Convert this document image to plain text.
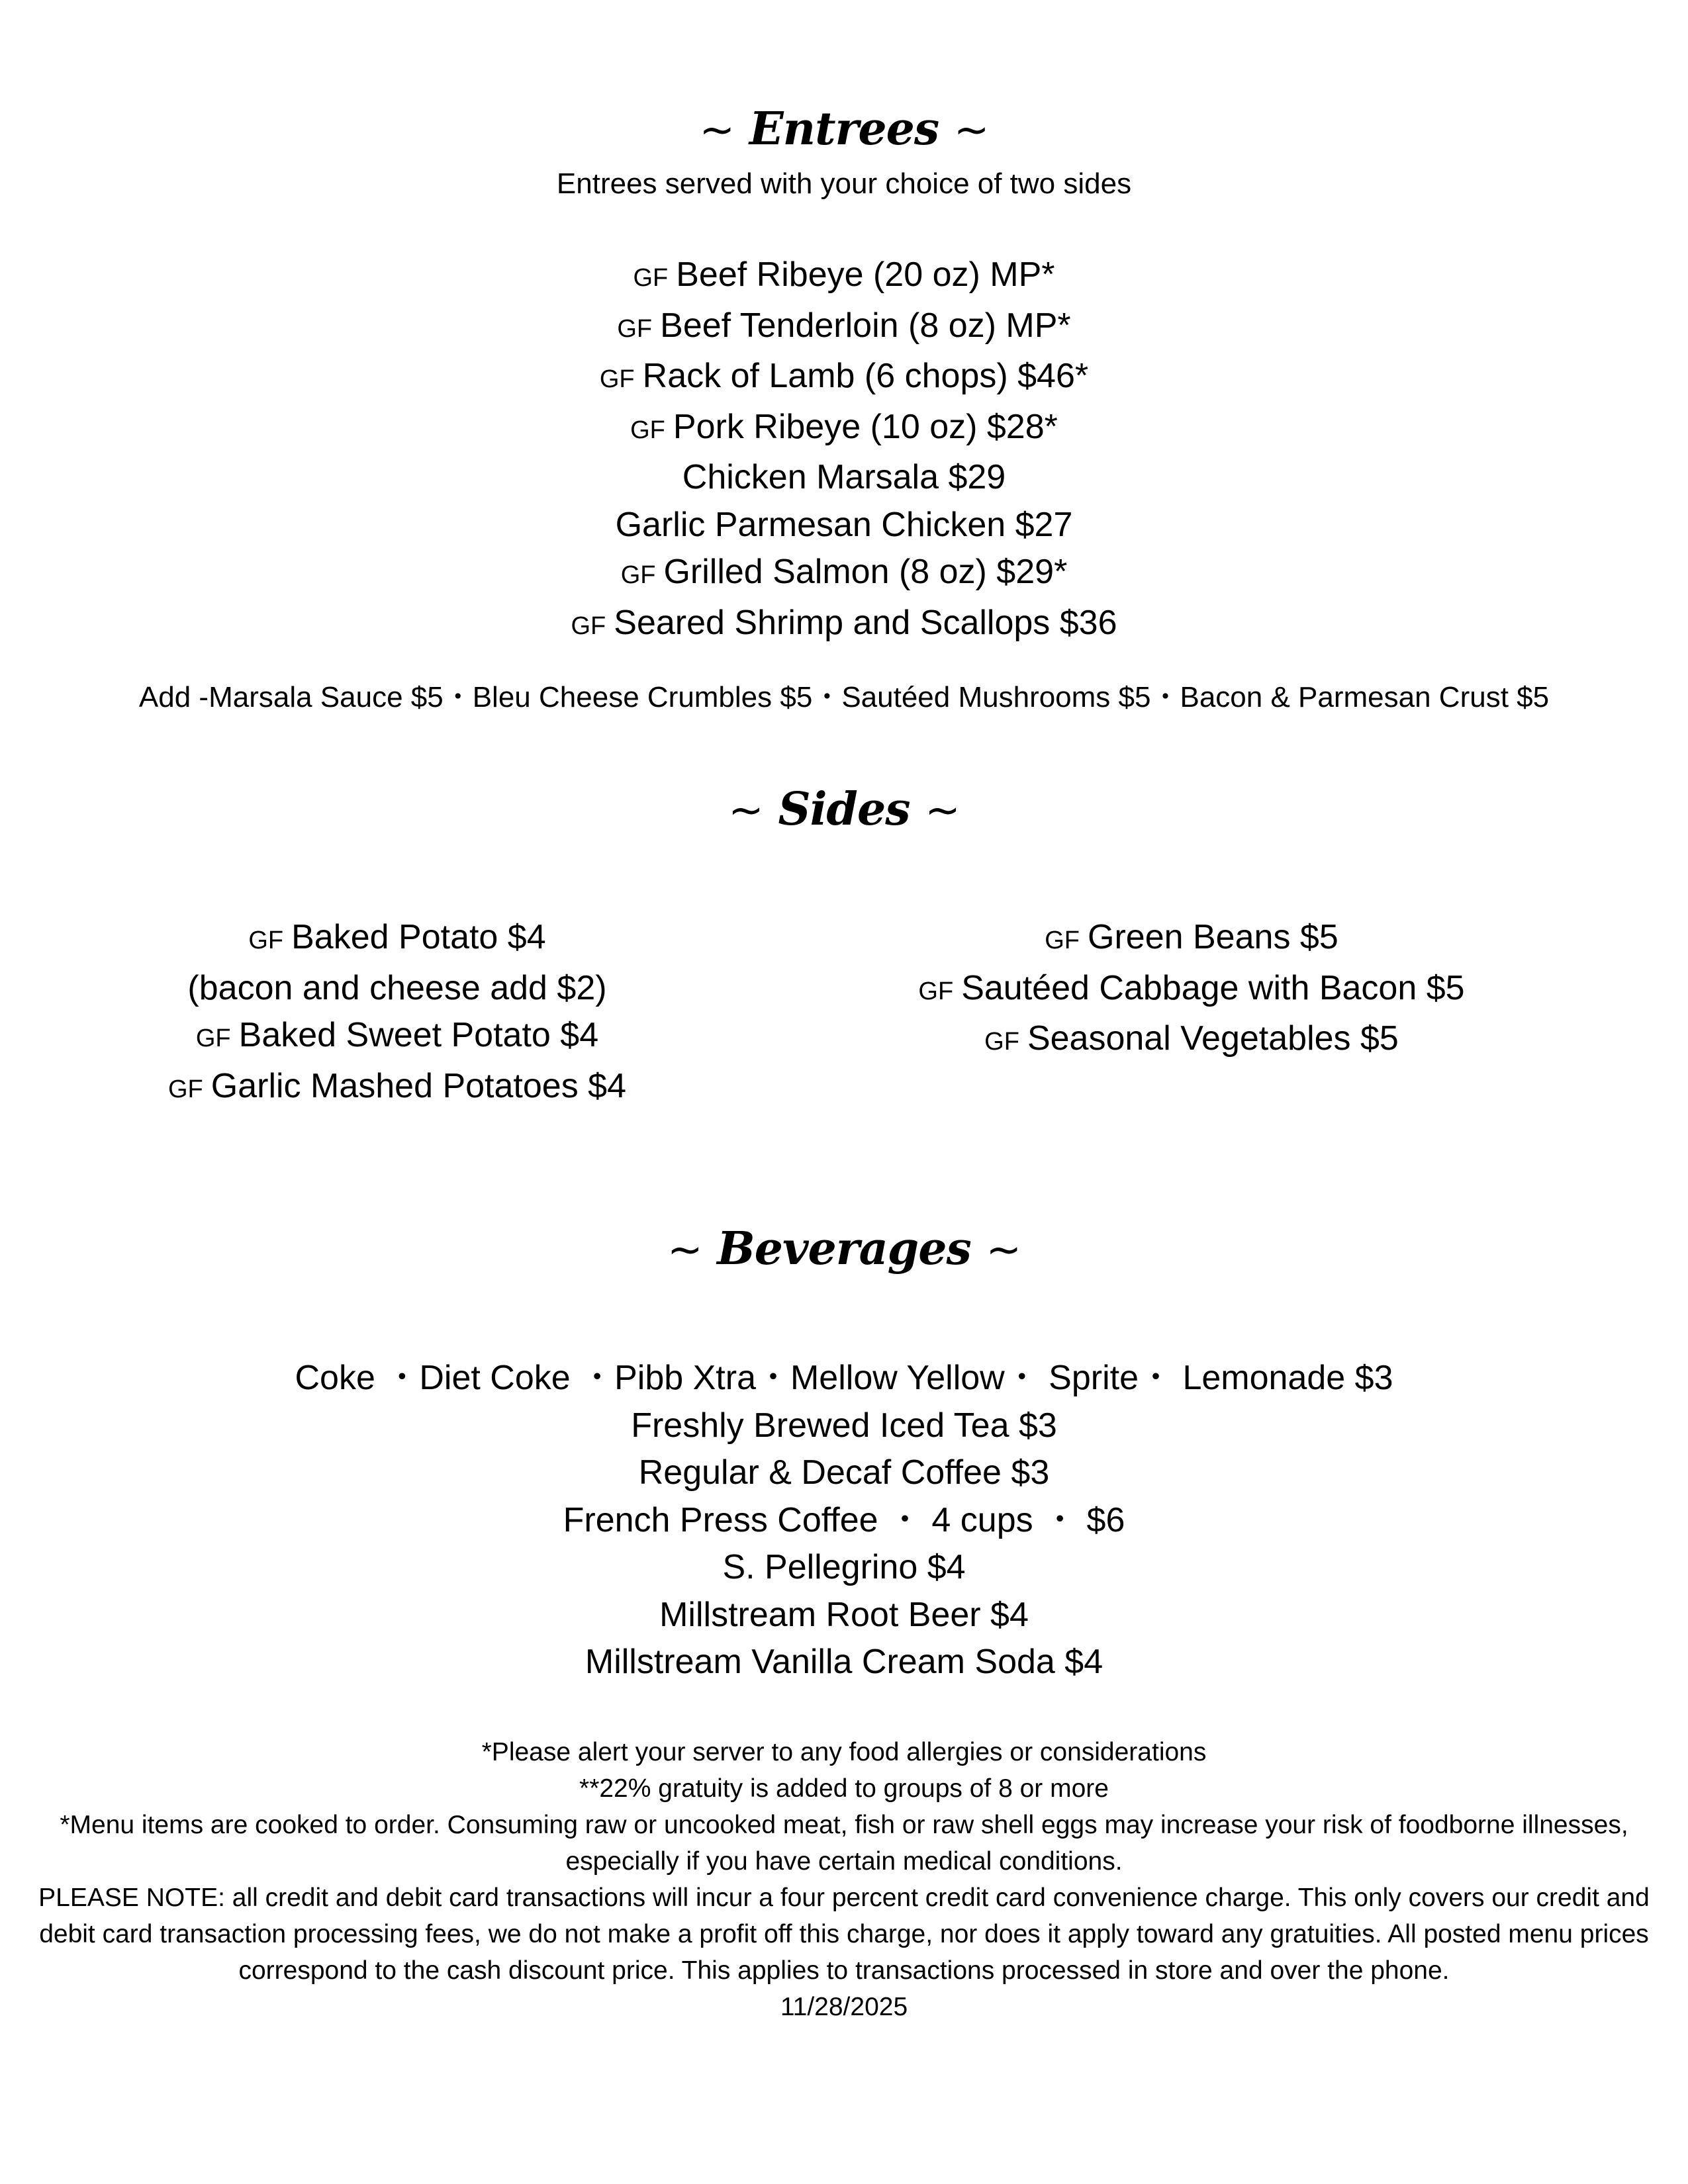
~ Entrees ~
Entrees served with your choice of two sides
GF Beef Ribeye (20 oz) MP*
GF Beef Tenderloin (8 oz) MP*
GF Rack of Lamb (6 chops) $46*
GF Pork Ribeye (10 oz) $28*
Chicken Marsala $29
Garlic Parmesan Chicken $27
GF Grilled Salmon (8 oz) $29*
GF Seared Shrimp and Scallops $36
Add -Marsala Sauce $5・Bleu Cheese Crumbles $5・Sautéed Mushrooms $5・Bacon & Parmesan Crust $5
~ Sides ~
GF Baked Potato $4
(bacon and cheese add $2)
GF Baked Sweet Potato $4
GF Garlic Mashed Potatoes $4
GF Green Beans $5
GF Sautéed Cabbage with Bacon $5
GF Seasonal Vegetables $5
~ Beverages ~
Coke ・Diet Coke ・Pibb Xtra・Mellow Yellow・ Sprite・ Lemonade $3
Freshly Brewed Iced Tea $3
Regular & Decaf Coffee $3
French Press Coffee ・ 4 cups ・ $6
S. Pellegrino $4
Millstream Root Beer $4
Millstream Vanilla Cream Soda $4

*Please alert your server to any food allergies or considerations

**22% gratuity is added to groups of 8 or more

*Menu items are cooked to order. Consuming raw or uncooked meat, fish or raw shell eggs may increase your risk of foodborne illnesses, especially if you have certain medical conditions.

PLEASE NOTE: all credit and debit card transactions will incur a four percent credit card convenience charge. This only covers our credit and debit card transaction processing fees, we do not make a profit off this charge, nor does it apply toward any gratuities. All posted menu prices correspond to the cash discount price. This applies to transactions processed in store and over the phone.

11/28/2025
